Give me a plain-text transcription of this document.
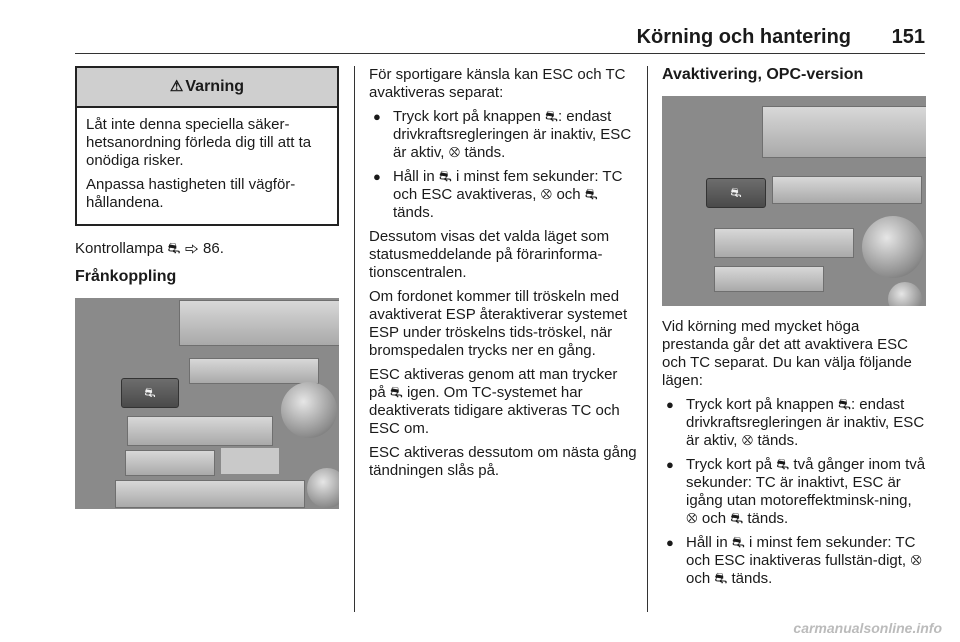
Körning och hantering 151
⚠ Varning

Låt inte denna speciella säker-hetsanordning förleda dig till att ta onödiga risker.

Anpassa hastigheten till vägför-hållandena.

Kontrollampa ⛐ ⇨ 86.

Frånkoppling
⛐

För sportigare känsla kan ESC och TC avaktiveras separat:

● Tryck kort på knappen ⛐: endast drivkraftsregleringen är inaktiv, ESC är aktiv, ⛒ tänds.
● Håll in ⛐ i minst fem sekunder: TC och ESC avaktiveras, ⛒ och ⛐ tänds.

Dessutom visas det valda läget som statusmeddelande på förarinforma-tionscentralen.

Om fordonet kommer till tröskeln med avaktiverat ESP återaktiverar systemet ESP under tröskelns tids-tröskel, när bromspedalen trycks ner en gång.

ESC aktiveras genom att man trycker på ⛐ igen. Om TC-systemet har deaktiverats tidigare aktiveras TC och ESC om.

ESC aktiveras dessutom om nästa gång tändningen slås på.

Avaktivering, OPC-version
⛐

Vid körning med mycket höga prestanda går det att avaktivera ESC och TC separat. Du kan välja följande lägen:

● Tryck kort på knappen ⛐: endast drivkraftsregleringen är inaktiv, ESC är aktiv, ⛒ tänds.
● Tryck kort på ⛐ två gånger inom två sekunder: TC är inaktivt, ESC är igång utan motoreffektminsk-ning, ⛒ och ⛐ tänds.
● Håll in ⛐ i minst fem sekunder: TC och ESC inaktiveras fullstän-digt, ⛒ och ⛐ tänds.
carmanualsonline.info
